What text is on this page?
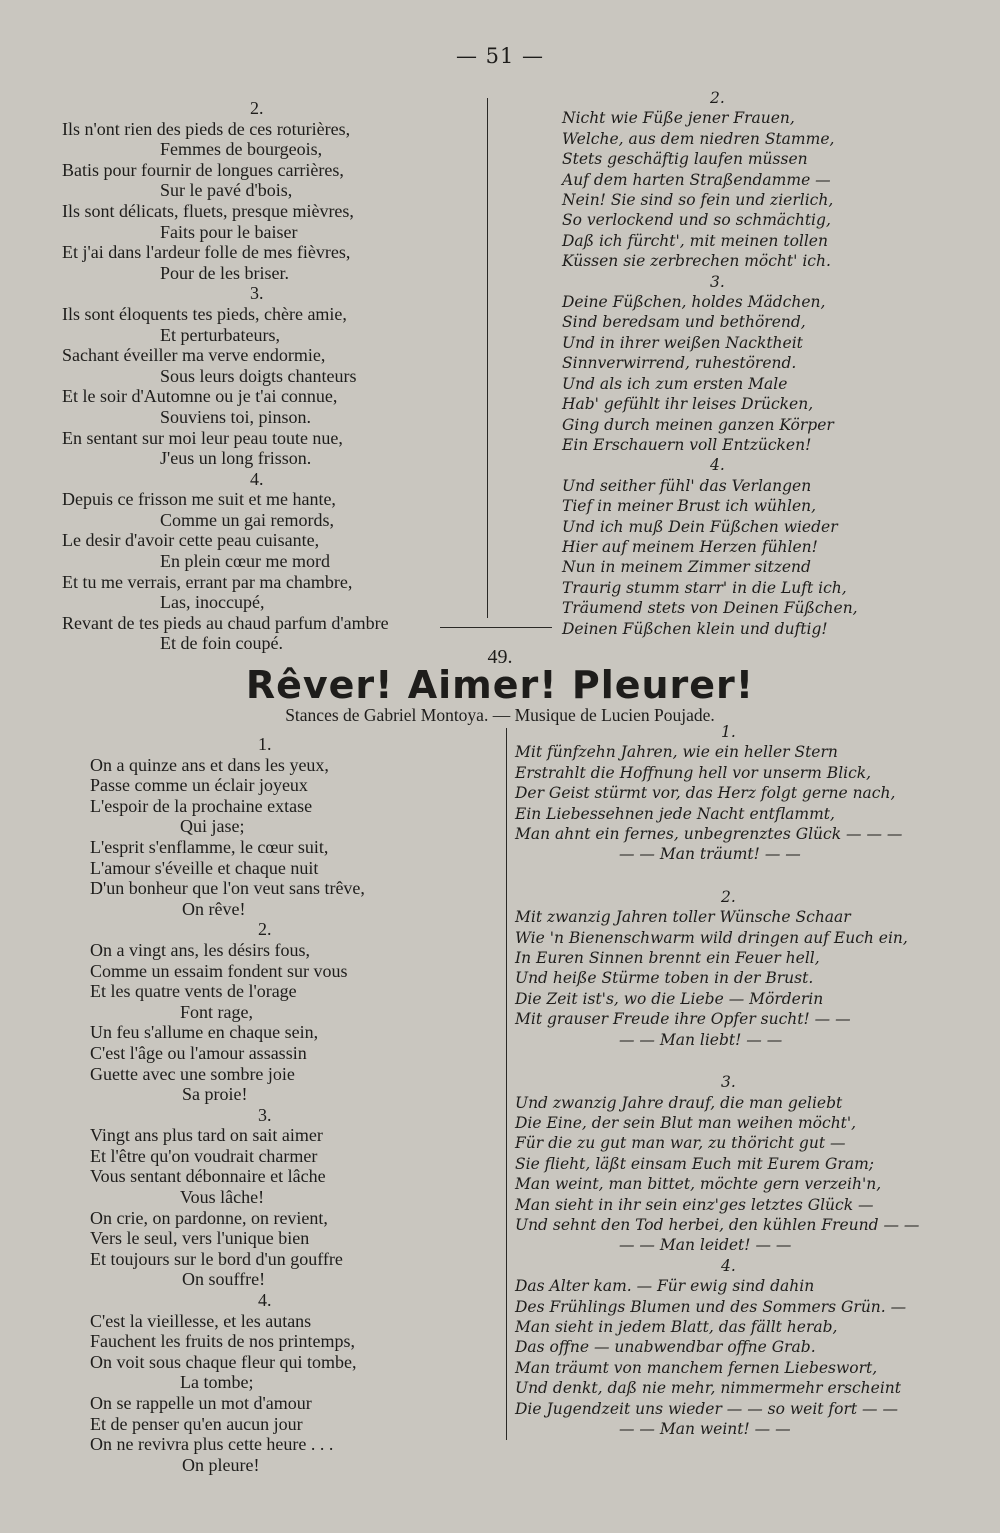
— 51 —
2.
Ils n'ont rien des pieds de ces roturières,
Femmes de bourgeois,
Batis pour fournir de longues carrières,
Sur le pavé d'bois,
Ils sont délicats, fluets, presque mièvres,
Faits pour le baiser
Et j'ai dans l'ardeur folle de mes fièvres,
Pour de les briser.
3.
Ils sont éloquents tes pieds, chère amie,
Et perturbateurs,
Sachant éveiller ma verve endormie,
Sous leurs doigts chanteurs
Et le soir d'Automne ou je t'ai connue,
Souviens toi, pinson.
En sentant sur moi leur peau toute nue,
J'eus un long frisson.
4.
Depuis ce frisson me suit et me hante,
Comme un gai remords,
Le desir d'avoir cette peau cuisante,
En plein cœur me mord
Et tu me verrais, errant par ma chambre,
Las, inoccupé,
Revant de tes pieds au chaud parfum d'ambre
Et de foin coupé.
2.
Nicht wie Füße jener Frauen,
Welche, aus dem niedren Stamme,
Stets geschäftig laufen müssen
Auf dem harten Straßendamme —
Nein! Sie sind so fein und zierlich,
So verlockend und so schmächtig,
Daß ich fürcht', mit meinen tollen
Küssen sie zerbrechen möcht' ich.
3.
Deine Füßchen, holdes Mädchen,
Sind beredsam und bethörend,
Und in ihrer weißen Nacktheit
Sinnverwirrend, ruhestörend.
Und als ich zum ersten Male
Hab' gefühlt ihr leises Drücken,
Ging durch meinen ganzen Körper
Ein Erschauern voll Entzücken!
4.
Und seither fühl' das Verlangen
Tief in meiner Brust ich wühlen,
Und ich muß Dein Füßchen wieder
Hier auf meinem Herzen fühlen!
Nun in meinem Zimmer sitzend
Traurig stumm starr' in die Luft ich,
Träumend stets von Deinen Füßchen,
Deinen Füßchen klein und duftig!
49.
Rêver! Aimer! Pleurer!
Stances de Gabriel Montoya. — Musique de Lucien Poujade.
1.
On a quinze ans et dans les yeux,
Passe comme un éclair joyeux
L'espoir de la prochaine extase
Qui jase;
L'esprit s'enflamme, le cœur suit,
L'amour s'éveille et chaque nuit
D'un bonheur que l'on veut sans trêve,
On rêve!
2.
On a vingt ans, les désirs fous,
Comme un essaim fondent sur vous
Et les quatre vents de l'orage
Font rage,
Un feu s'allume en chaque sein,
C'est l'âge ou l'amour assassin
Guette avec une sombre joie
Sa proie!
3.
Vingt ans plus tard on sait aimer
Et l'être qu'on voudrait charmer
Vous sentant débonnaire et lâche
Vous lâche!
On crie, on pardonne, on revient,
Vers le seul, vers l'unique bien
Et toujours sur le bord d'un gouffre
On souffre!
4.
C'est la vieillesse, et les autans
Fauchent les fruits de nos printemps,
On voit sous chaque fleur qui tombe,
La tombe;
On se rappelle un mot d'amour
Et de penser qu'en aucun jour
On ne revivra plus cette heure . . .
On pleure!
1.
Mit fünfzehn Jahren, wie ein heller Stern
Erstrahlt die Hoffnung hell vor unserm Blick,
Der Geist stürmt vor, das Herz folgt gerne nach,
Ein Liebessehnen jede Nacht entflammt,
Man ahnt ein fernes, unbegrenztes Glück — — —
— — Man träumt! — —
2.
Mit zwanzig Jahren toller Wünsche Schaar
Wie 'n Bienenschwarm wild dringen auf Euch ein,
In Euren Sinnen brennt ein Feuer hell,
Und heiße Stürme toben in der Brust.
Die Zeit ist's, wo die Liebe — Mörderin
Mit grauser Freude ihre Opfer sucht! — —
— — Man liebt! — —
3.
Und zwanzig Jahre drauf, die man geliebt
Die Eine, der sein Blut man weihen möcht',
Für die zu gut man war, zu thöricht gut —
Sie flieht, läßt einsam Euch mit Eurem Gram;
Man weint, man bittet, möchte gern verzeih'n,
Man sieht in ihr sein einz'ges letztes Glück —
Und sehnt den Tod herbei, den kühlen Freund — —
— — Man leidet! — —
4.
Das Alter kam. — Für ewig sind dahin
Des Frühlings Blumen und des Sommers Grün. —
Man sieht in jedem Blatt, das fällt herab,
Das offne — unabwendbar offne Grab.
Man träumt von manchem fernen Liebeswort,
Und denkt, daß nie mehr, nimmermehr erscheint
Die Jugendzeit uns wieder — — so weit fort — —
— — Man weint! — —
